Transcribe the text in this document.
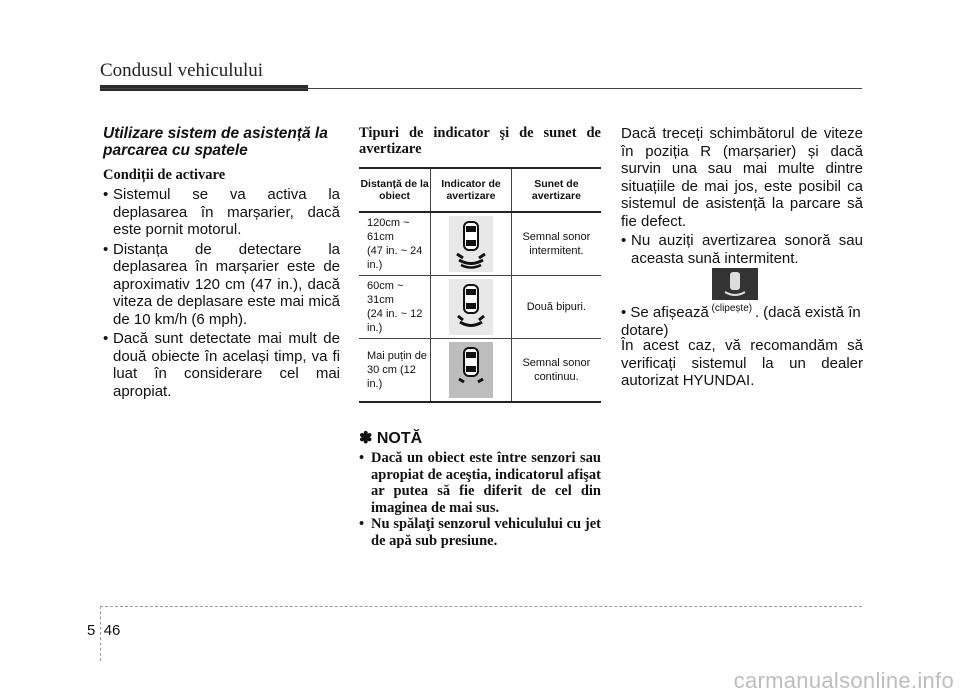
Condusul vehiculului

Utilizare sistem de asistență la parcarea cu spatele

Condiții de activare

• Sistemul se va activa la deplasarea în marșarier, dacă este pornit motorul.
• Distanța de detectare la deplasarea în marșarier este de aproximativ 120 cm (47 in.), dacă viteza de deplasare este mai mică de 10 km/h (6 mph).
• Dacă sunt detectate mai mult de două obiecte în același timp, va fi luat în considerare cel mai apropiat.

Tipuri de indicator şi de sunet de avertizare

Distanță de la obiect	Indicator de avertizare	Sunet de avertizare
120cm ~ 61cm
(47 in. ~ 24 in.)		Semnal sonor intermitent.
60cm ~ 31cm
(24 in. ~ 12 in.)		Două bipuri.
Mai puțin de
30 cm (12 in.)		Semnal sonor continuu.
✽ NOTĂ
• Dacă un obiect este între senzori sau apropiat de aceştia, indicatorul afişat ar putea să fie diferit de cel din imaginea de mai sus.
• Nu spălaţi senzorul vehiculului cu jet de apă sub presiune.

Dacă treceți schimbătorul de viteze în poziția R (marșarier) și dacă survin una sau mai multe dintre situațiile de mai jos, este posibil ca sistemul de asistență la parcare să fie defect.

• Nu auziți avertizarea sonoră sau aceasta sună intermitent.

• Se afișează $^{(clipește)}$ . (dacă există în dotare)

În acest caz, vă recomandăm să verificați sistemul la un dealer autorizat HYUNDAI.

5 46
carmanualsonline.info
